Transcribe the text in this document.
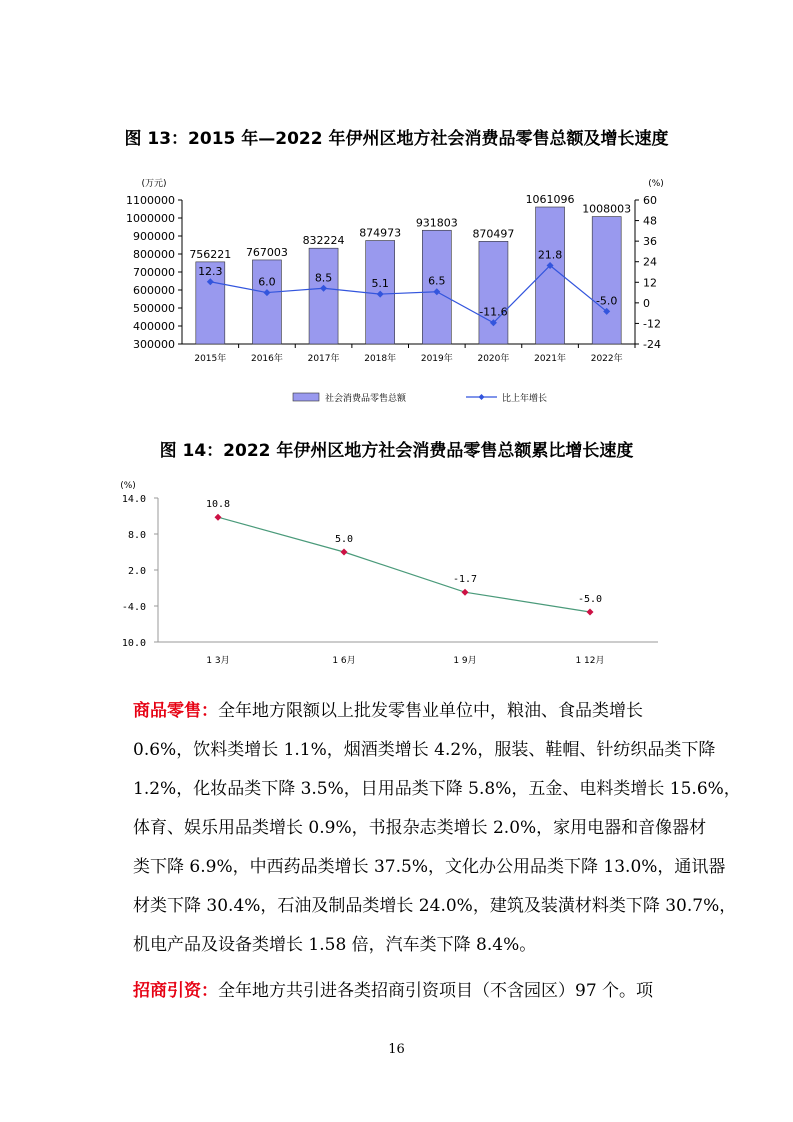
图 13：2015 年—2022 年伊州区地方社会消费品零售总额及增长速度
1100000
1000000
900000
800000
700000
600000
500000
400000
300000
60
48
36
24
12
0
-12
-24
(万元)	(%)
756221
2015年
767003
2016年
832224
2017年
874973
2018年
931803
2019年
870497
2020年
1061096
2021年
1008003
2022年
12.3
6.0	8.5	5.1	6.5
-11.6
21.8
-5.0
社会消费品零售总额	比上年增长
图 14：2022 年伊州区地方社会消费品零售总额累比增长速度
14.0
8.0
2.0
-4.0
10.0
(%)
10.8
1 3月
5.0
1 6月
-1.7
1 9月
-5.0
1 12月
商品零售：全年地方限额以上批发零售业单位中，粮油、食品类增长
0.6%，饮料类增长 1.1%，烟酒类增长 4.2%，服装、鞋帽、针纺织品类下降
1.2%，化妆品类下降 3.5%，日用品类下降 5.8%，五金、电料类增长 15.6%，
体育、娱乐用品类增长 0.9%，书报杂志类增长 2.0%，家用电器和音像器材
类下降 6.9%，中西药品类增长 37.5%，文化办公用品类下降 13.0%，通讯器
材类下降 30.4%，石油及制品类增长 24.0%，建筑及装潢材料类下降 30.7%，
机电产品及设备类增长 1.58 倍，汽车类下降 8.4%。
招商引资：全年地方共引进各类招商引资项目（不含园区）97 个。项
16
